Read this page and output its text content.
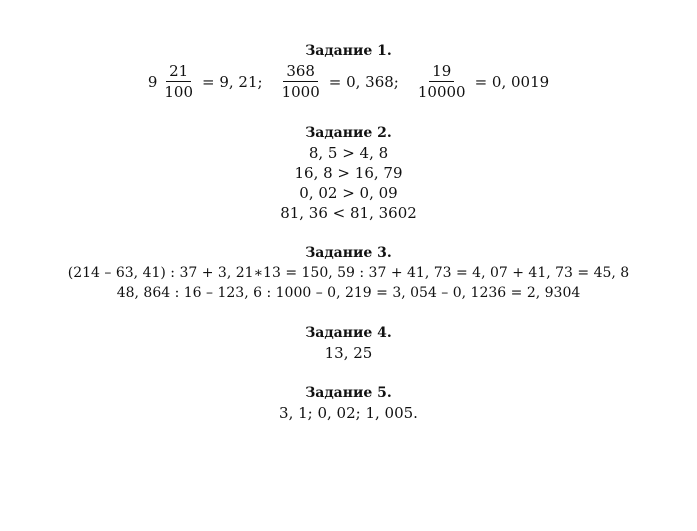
Задание 1.
$9 \frac{21}{100} = 9$, 21; $\frac{368}{1000} = 0$, 368; $\frac{19}{10000} = 0$, 0019
Задание 2.
8, 5 > 4, 8
16, 8 > 16, 79
0, 02 > 0, 09
81, 36 < 81, 3602
Задание 3.
(214 – 63, 41) : 37 + 3, 21∗13 = 150, 59 : 37 + 41, 73 = 4, 07 + 41, 73 = 45, 8
48, 864 : 16 – 123, 6 : 1000 – 0, 219 = 3, 054 – 0, 1236 = 2, 9304
Задание 4.
13, 25
Задание 5.
3, 1; 0, 02; 1, 005.
